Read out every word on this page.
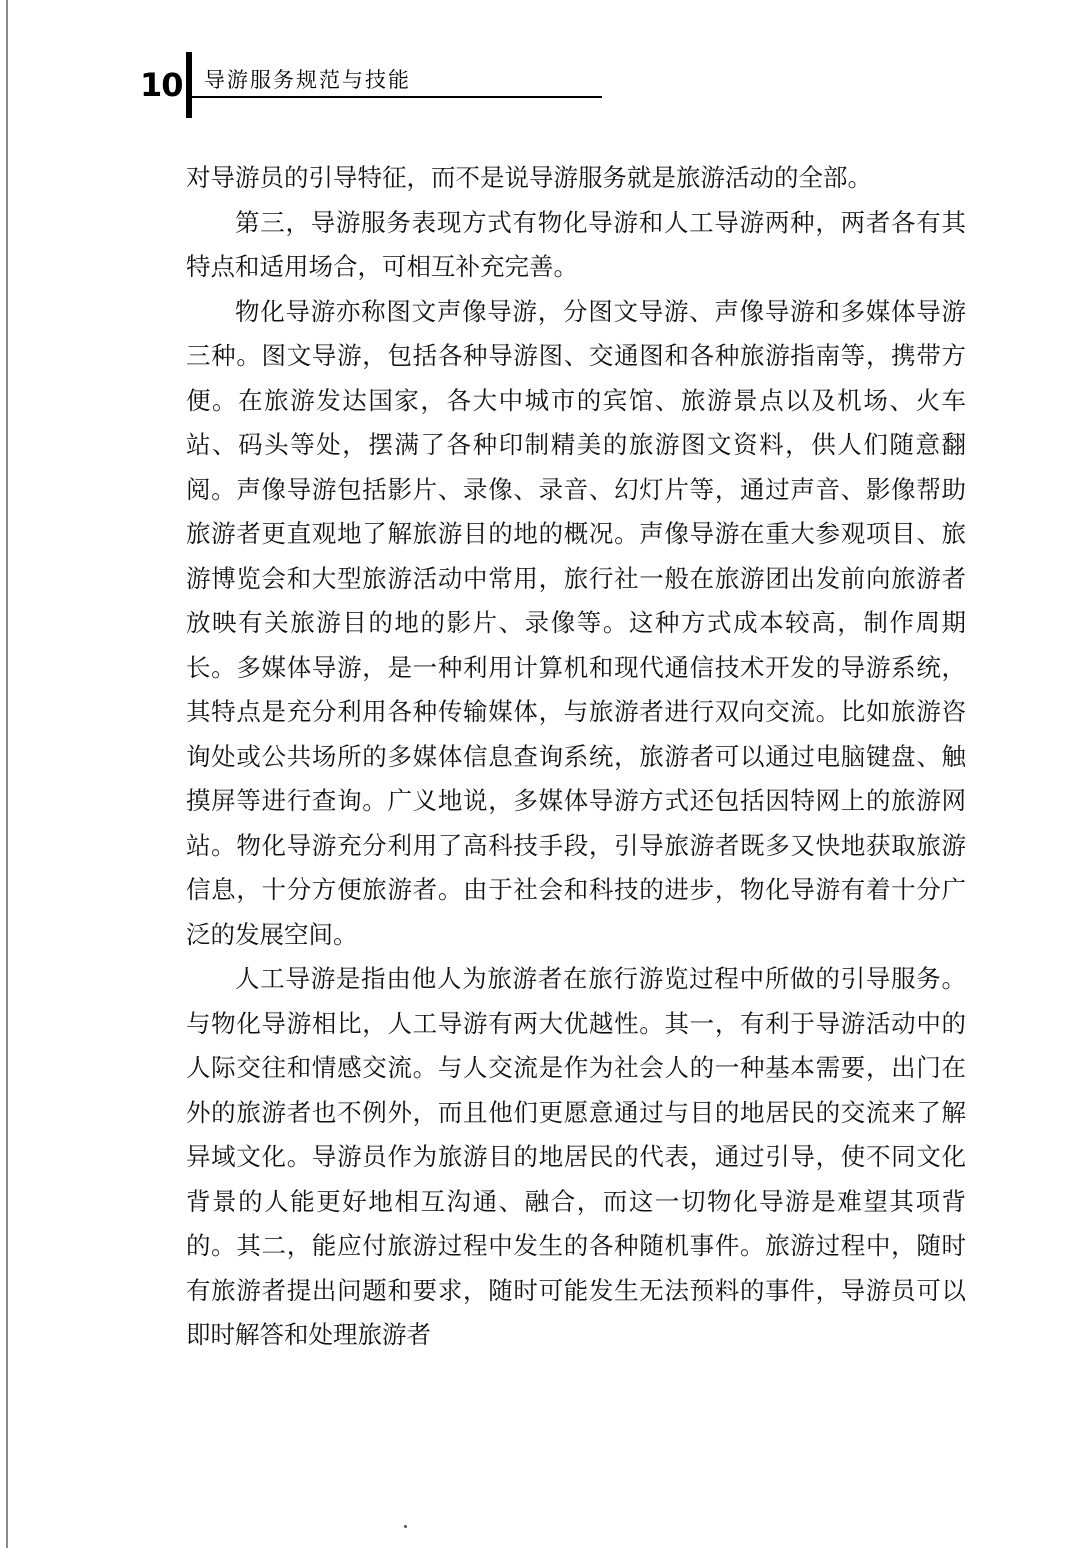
10 导游服务规范与技能

对导游员的引导特征，而不是说导游服务就是旅游活动的全部。

第三，导游服务表现方式有物化导游和人工导游两种，两者各有其特点和适用场合，可相互补充完善。

物化导游亦称图文声像导游，分图文导游、声像导游和多媒体导游三种。图文导游，包括各种导游图、交通图和各种旅游指南等，携带方便。在旅游发达国家，各大中城市的宾馆、旅游景点以及机场、火车站、码头等处，摆满了各种印制精美的旅游图文资料，供人们随意翻阅。声像导游包括影片、录像、录音、幻灯片等，通过声音、影像帮助旅游者更直观地了解旅游目的地的概况。声像导游在重大参观项目、旅游博览会和大型旅游活动中常用，旅行社一般在旅游团出发前向旅游者放映有关旅游目的地的影片、录像等。这种方式成本较高，制作周期长。多媒体导游，是一种利用计算机和现代通信技术开发的导游系统，其特点是充分利用各种传输媒体，与旅游者进行双向交流。比如旅游咨询处或公共场所的多媒体信息查询系统，旅游者可以通过电脑键盘、触摸屏等进行查询。广义地说，多媒体导游方式还包括因特网上的旅游网站。物化导游充分利用了高科技手段，引导旅游者既多又快地获取旅游信息，十分方便旅游者。由于社会和科技的进步，物化导游有着十分广泛的发展空间。

人工导游是指由他人为旅游者在旅行游览过程中所做的引导服务。与物化导游相比，人工导游有两大优越性。其一，有利于导游活动中的人际交往和情感交流。与人交流是作为社会人的一种基本需要，出门在外的旅游者也不例外，而且他们更愿意通过与目的地居民的交流来了解异域文化。导游员作为旅游目的地居民的代表，通过引导，使不同文化背景的人能更好地相互沟通、融合，而这一切物化导游是难望其项背的。其二，能应付旅游过程中发生的各种随机事件。旅游过程中，随时有旅游者提出问题和要求，随时可能发生无法预料的事件，导游员可以即时解答和处理旅游者
